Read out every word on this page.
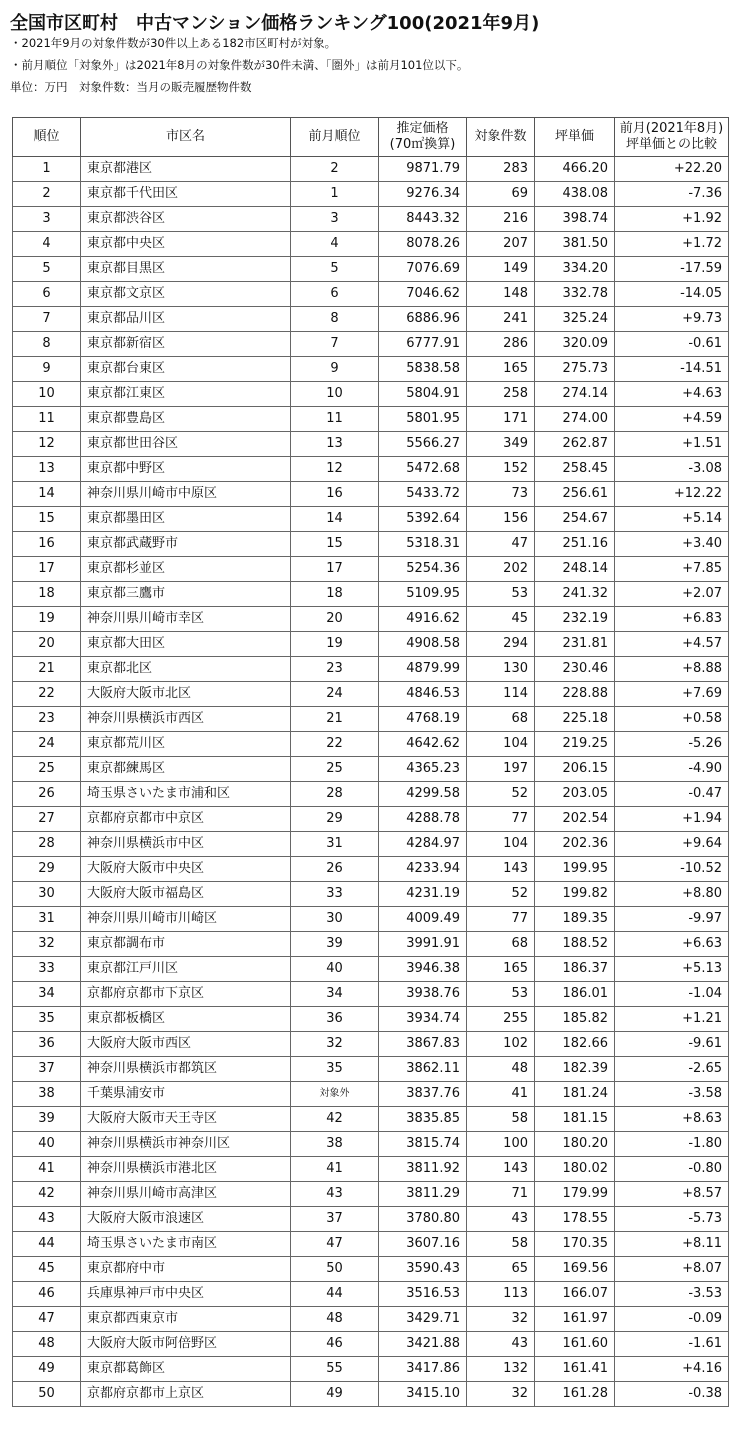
全国市区町村　中古マンション価格ランキング100(2021年9月)
・2021年9月の対象件数が30件以上ある182市区町村が対象。
・前月順位「対象外」は2021年8月の対象件数が30件未満、「圏外」は前月101位以下。
単位：万円　対象件数：当月の販売履歴物件数
順位	市区名	前月順位	推定価格
(70㎡換算)	対象件数	坪単価	前月(2021年8月)
坪単価との比較

1	東京都港区	2	9871.79	283	466.20	+22.20
2	東京都千代田区	1	9276.34	69	438.08	-7.36
3	東京都渋谷区	3	8443.32	216	398.74	+1.92
4	東京都中央区	4	8078.26	207	381.50	+1.72
5	東京都目黒区	5	7076.69	149	334.20	-17.59
6	東京都文京区	6	7046.62	148	332.78	-14.05
7	東京都品川区	8	6886.96	241	325.24	+9.73
8	東京都新宿区	7	6777.91	286	320.09	-0.61
9	東京都台東区	9	5838.58	165	275.73	-14.51
10	東京都江東区	10	5804.91	258	274.14	+4.63
11	東京都豊島区	11	5801.95	171	274.00	+4.59
12	東京都世田谷区	13	5566.27	349	262.87	+1.51
13	東京都中野区	12	5472.68	152	258.45	-3.08
14	神奈川県川崎市中原区	16	5433.72	73	256.61	+12.22
15	東京都墨田区	14	5392.64	156	254.67	+5.14
16	東京都武蔵野市	15	5318.31	47	251.16	+3.40
17	東京都杉並区	17	5254.36	202	248.14	+7.85
18	東京都三鷹市	18	5109.95	53	241.32	+2.07
19	神奈川県川崎市幸区	20	4916.62	45	232.19	+6.83
20	東京都大田区	19	4908.58	294	231.81	+4.57
21	東京都北区	23	4879.99	130	230.46	+8.88
22	大阪府大阪市北区	24	4846.53	114	228.88	+7.69
23	神奈川県横浜市西区	21	4768.19	68	225.18	+0.58
24	東京都荒川区	22	4642.62	104	219.25	-5.26
25	東京都練馬区	25	4365.23	197	206.15	-4.90
26	埼玉県さいたま市浦和区	28	4299.58	52	203.05	-0.47
27	京都府京都市中京区	29	4288.78	77	202.54	+1.94
28	神奈川県横浜市中区	31	4284.97	104	202.36	+9.64
29	大阪府大阪市中央区	26	4233.94	143	199.95	-10.52
30	大阪府大阪市福島区	33	4231.19	52	199.82	+8.80
31	神奈川県川崎市川崎区	30	4009.49	77	189.35	-9.97
32	東京都調布市	39	3991.91	68	188.52	+6.63
33	東京都江戸川区	40	3946.38	165	186.37	+5.13
34	京都府京都市下京区	34	3938.76	53	186.01	-1.04
35	東京都板橋区	36	3934.74	255	185.82	+1.21
36	大阪府大阪市西区	32	3867.83	102	182.66	-9.61
37	神奈川県横浜市都筑区	35	3862.11	48	182.39	-2.65
38	千葉県浦安市	対象外	3837.76	41	181.24	-3.58
39	大阪府大阪市天王寺区	42	3835.85	58	181.15	+8.63
40	神奈川県横浜市神奈川区	38	3815.74	100	180.20	-1.80
41	神奈川県横浜市港北区	41	3811.92	143	180.02	-0.80
42	神奈川県川崎市高津区	43	3811.29	71	179.99	+8.57
43	大阪府大阪市浪速区	37	3780.80	43	178.55	-5.73
44	埼玉県さいたま市南区	47	3607.16	58	170.35	+8.11
45	東京都府中市	50	3590.43	65	169.56	+8.07
46	兵庫県神戸市中央区	44	3516.53	113	166.07	-3.53
47	東京都西東京市	48	3429.71	32	161.97	-0.09
48	大阪府大阪市阿倍野区	46	3421.88	43	161.60	-1.61
49	東京都葛飾区	55	3417.86	132	161.41	+4.16
50	京都府京都市上京区	49	3415.10	32	161.28	-0.38
